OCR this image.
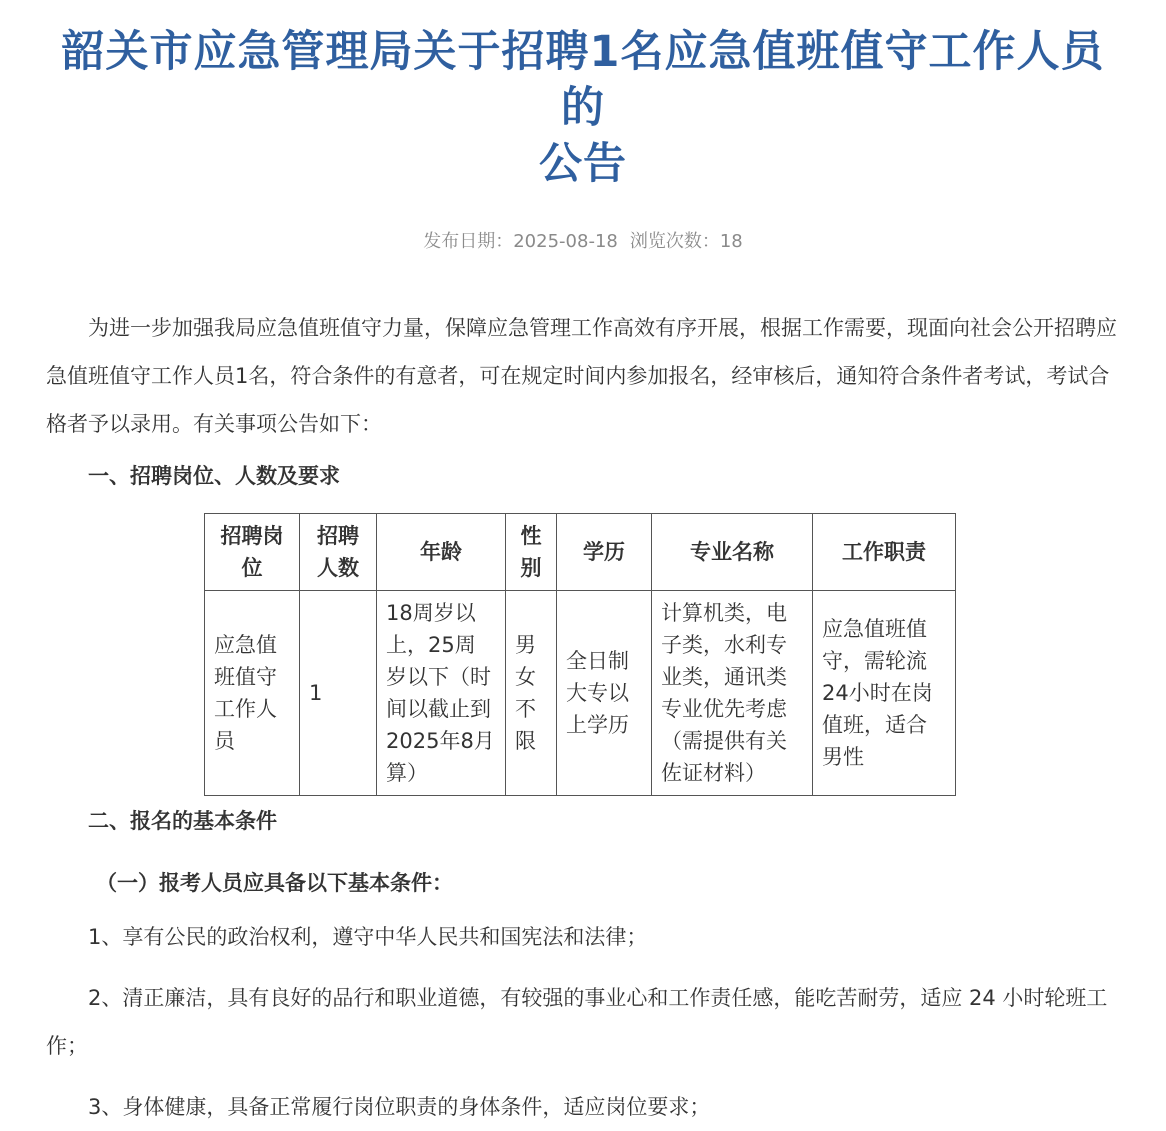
韶关市应急管理局关于招聘1名应急值班值守工作人员的
公告
发布日期：2025-08-18 浏览次数：18

为进一步加强我局应急值班值守力量，保障应急管理工作高效有序开展，根据工作需要，现面向社会公开招聘应急值班值守工作人员1名，符合条件的有意者，可在规定时间内参加报名，经审核后，通知符合条件者考试，考试合格者予以录用。有关事项公告如下：

一、招聘岗位、人数及要求
招聘岗位	招聘人数	年龄	性别	学历	专业名称	工作职责
应急值班值守工作人员	1	18周岁以上，25周岁以下（时间以截止到2025年8月算）	男女不限	全日制大专以上学历	计算机类，电子类，水利专业类，通讯类专业优先考虑（需提供有关佐证材料）	应急值班值守，需轮流24小时在岗值班，适合男性
二、报名的基本条件
（一）报考人员应具备以下基本条件：

1、享有公民的政治权利，遵守中华人民共和国宪法和法律；

2、清正廉洁，具有良好的品行和职业道德，有较强的事业心和工作责任感，能吃苦耐劳，适应 24 小时轮班工作；

3、身体健康，具备正常履行岗位职责的身体条件，适应岗位要求；
